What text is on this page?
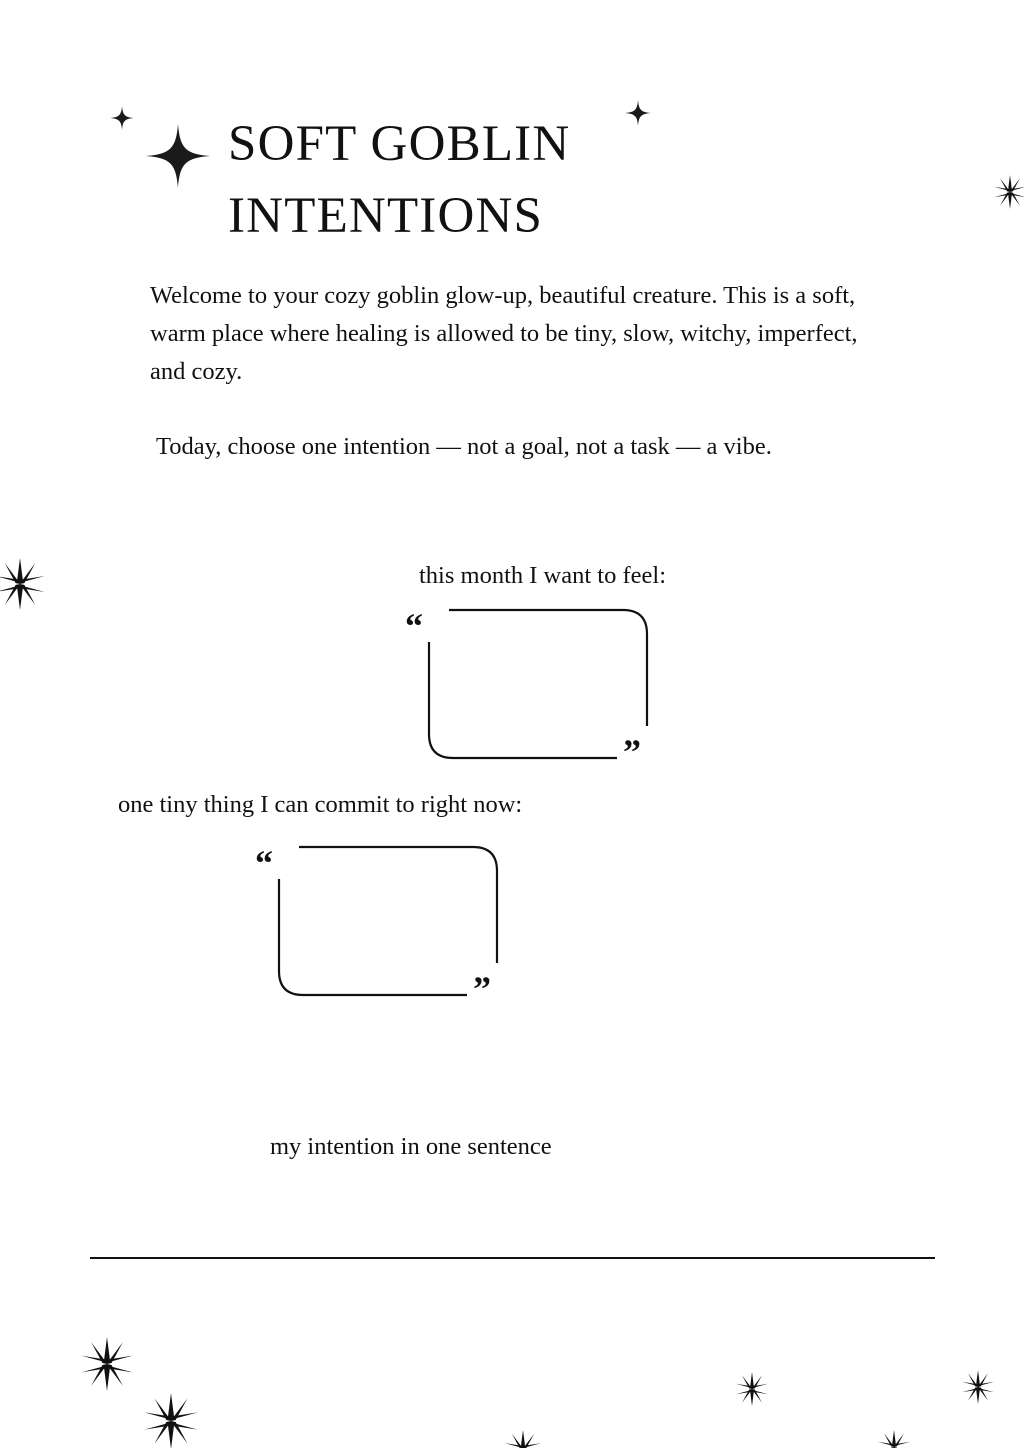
SOFT GOBLIN
INTENTIONS

Welcome to your cozy goblin glow-up, beautiful creature. This is a soft, warm place where healing is allowed to be tiny, slow, witchy, imperfect, and cozy.

Today, choose one intention — not a goal, not a task — a vibe.

this month I want to feel:
“
”
one tiny thing I can commit to right now:
“
”
my intention in one sentence
